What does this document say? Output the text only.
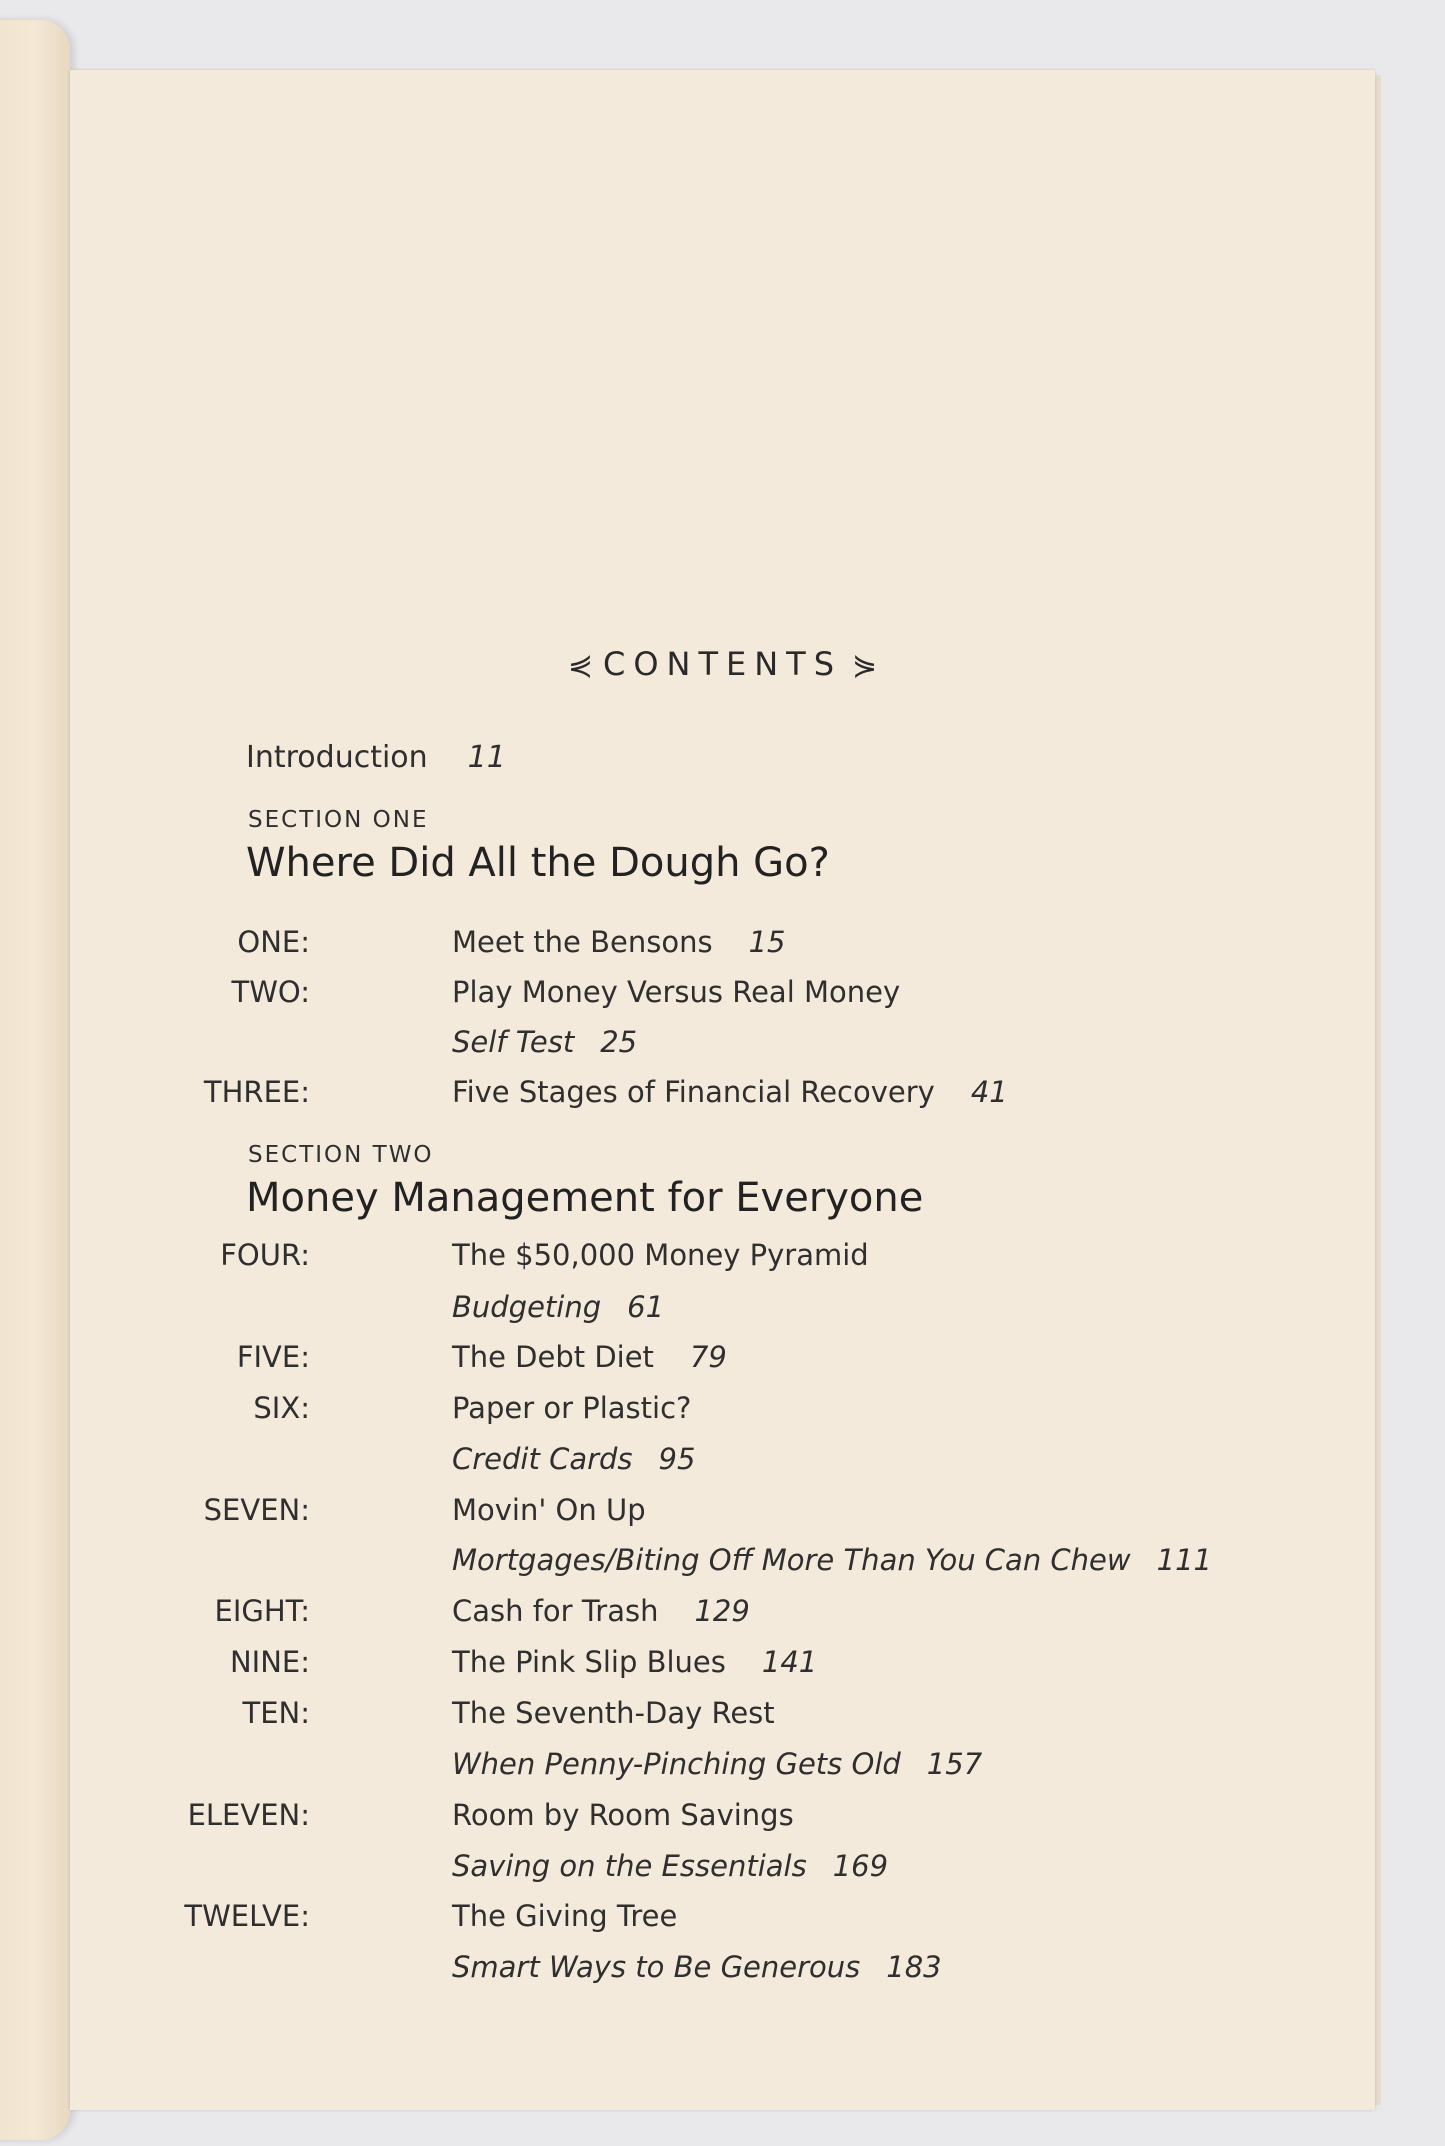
⋞ CONTENTS ⋟
Introduction 11
SECTION ONE
Where Did All the Dough Go?
ONE:	Meet the Bensons 15
TWO:	Play Money Versus Real Money
Self Test 25
THREE:	Five Stages of Financial Recovery 41
SECTION TWO
Money Management for Everyone
FOUR:	The $50,000 Money Pyramid
Budgeting 61
FIVE:	The Debt Diet 79
SIX:	Paper or Plastic?
Credit Cards 95
SEVEN:	Movin' On Up
Mortgages/Biting Off More Than You Can Chew 111
EIGHT:	Cash for Trash 129
NINE:	The Pink Slip Blues 141
TEN:	The Seventh-Day Rest
When Penny-Pinching Gets Old 157
ELEVEN:	Room by Room Savings
Saving on the Essentials 169
TWELVE:	The Giving Tree
Smart Ways to Be Generous 183
